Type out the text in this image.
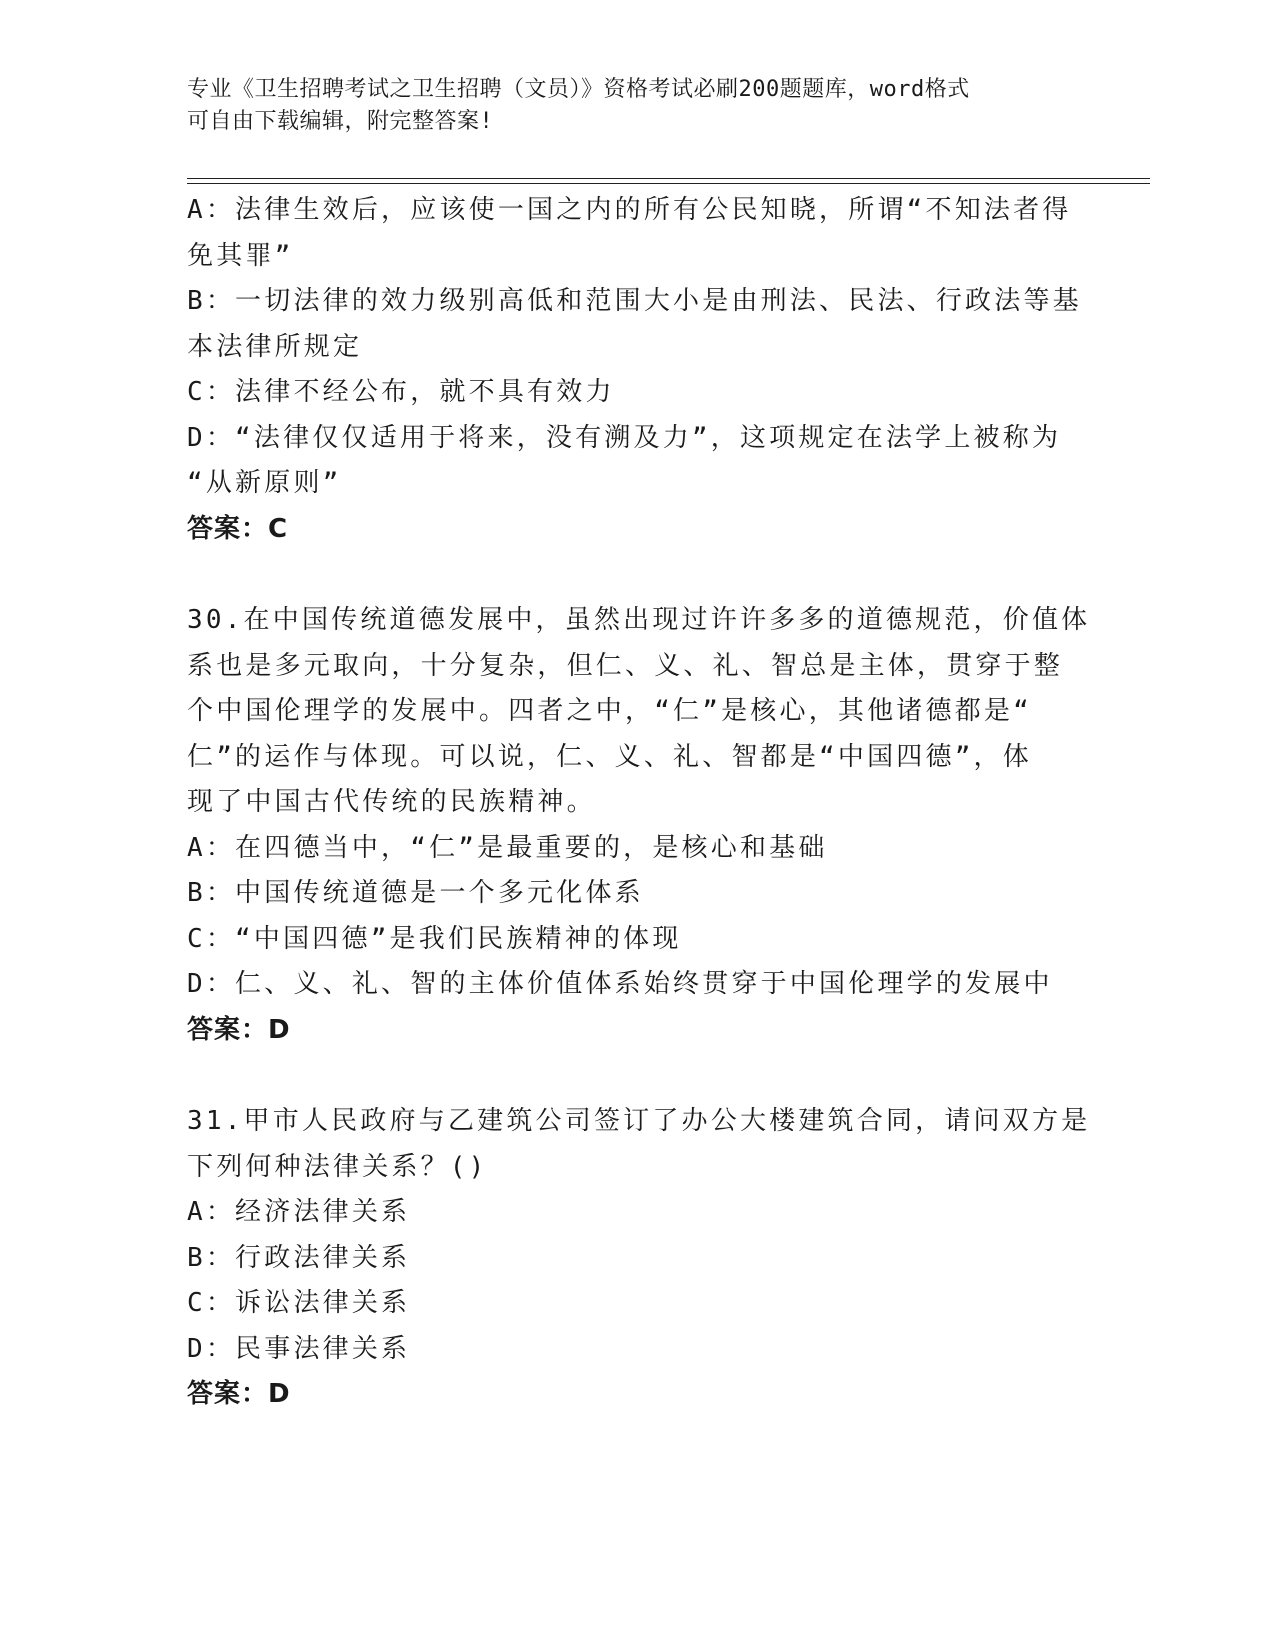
专业《卫生招聘考试之卫生招聘（文员）》资格考试必刷200题题库，word格式
可自由下载编辑，附完整答案!
A：法律生效后，应该使一国之内的所有公民知晓，所谓“不知法者得
免其罪”
B：一切法律的效力级别高低和范围大小是由刑法、民法、行政法等基
本法律所规定
C：法律不经公布，就不具有效力
D：“法律仅仅适用于将来，没有溯及力”，这项规定在法学上被称为
“从新原则”
答案：C
30.在中国传统道德发展中，虽然出现过许许多多的道德规范，价值体
系也是多元取向，十分复杂，但仁、义、礼、智总是主体，贯穿于整
个中国伦理学的发展中。四者之中，“仁”是核心，其他诸德都是“
仁”的运作与体现。可以说，仁、义、礼、智都是“中国四德”，体
现了中国古代传统的民族精神。
A：在四德当中，“仁”是最重要的，是核心和基础
B：中国传统道德是一个多元化体系
C：“中国四德”是我们民族精神的体现
D：仁、义、礼、智的主体价值体系始终贯穿于中国伦理学的发展中
答案：D
31.甲市人民政府与乙建筑公司签订了办公大楼建筑合同，请问双方是
下列何种法律关系？()
A：经济法律关系
B：行政法律关系
C：诉讼法律关系
D：民事法律关系
答案：D
